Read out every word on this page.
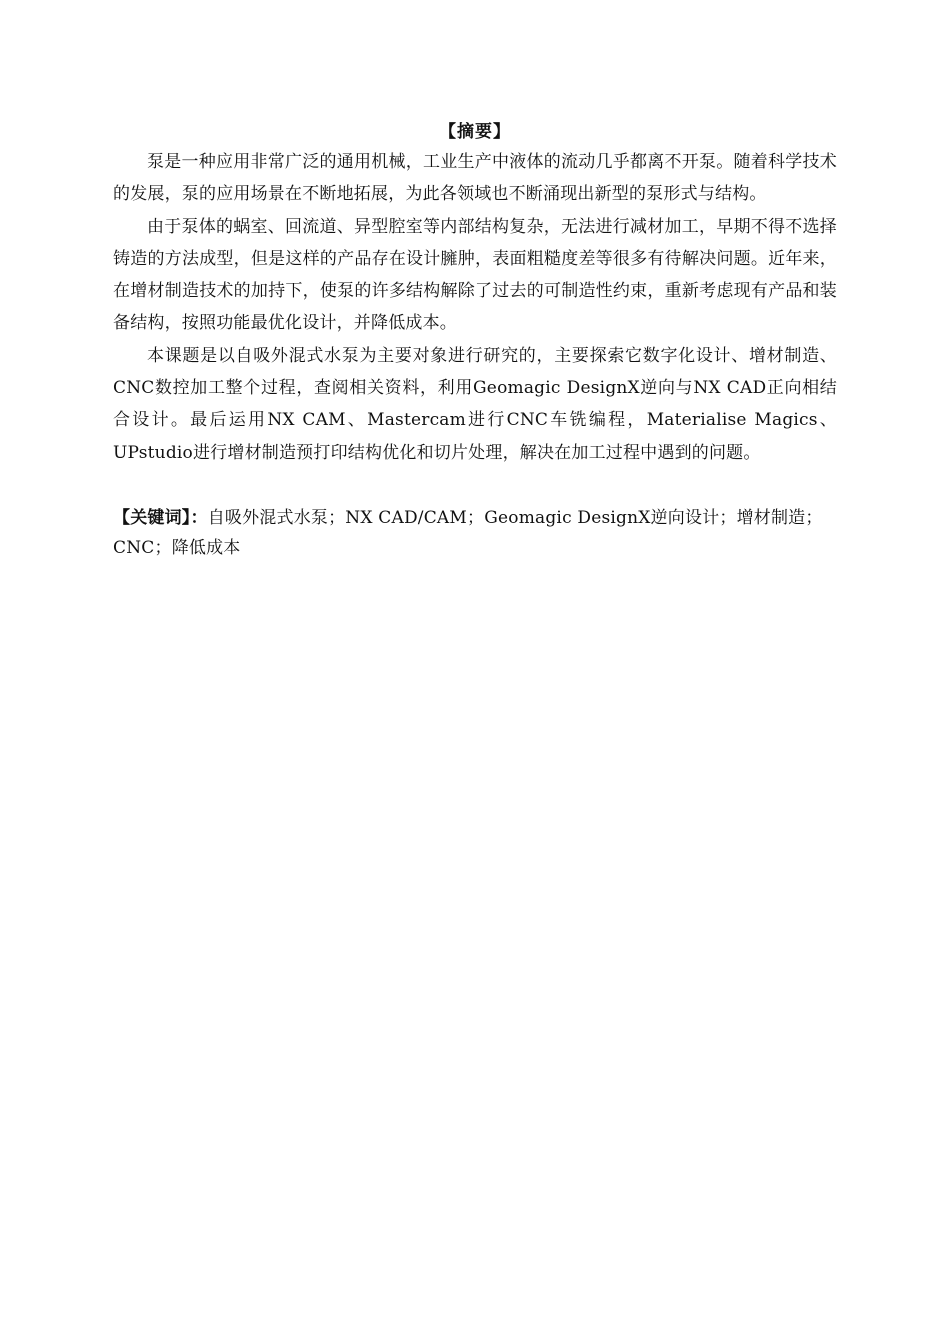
【摘要】

泵是一种应用非常广泛的通用机械，工业生产中液体的流动几乎都离不开泵。随着科学技术的发展，泵的应用场景在不断地拓展，为此各领域也不断涌现出新型的泵形式与结构。

由于泵体的蜗室、回流道、异型腔室等内部结构复杂，无法进行减材加工，早期不得不选择铸造的方法成型，但是这样的产品存在设计臃肿，表面粗糙度差等很多有待解决问题。近年来，在增材制造技术的加持下，使泵的许多结构解除了过去的可制造性约束，重新考虑现有产品和装备结构，按照功能最优化设计，并降低成本。

本课题是以自吸外混式水泵为主要对象进行研究的，主要探索它数字化设计、增材制造、CNC数控加工整个过程，查阅相关资料，利用Geomagic DesignX逆向与NX CAD正向相结合设计。最后运用NX CAM、Mastercam进行CNC车铣编程，Materialise Magics、UPstudio进行增材制造预打印结构优化和切片处理，解决在加工过程中遇到的问题。

【关键词】：自吸外混式水泵；NX CAD/CAM；Geomagic DesignX逆向设计；增材制造；CNC；降低成本
